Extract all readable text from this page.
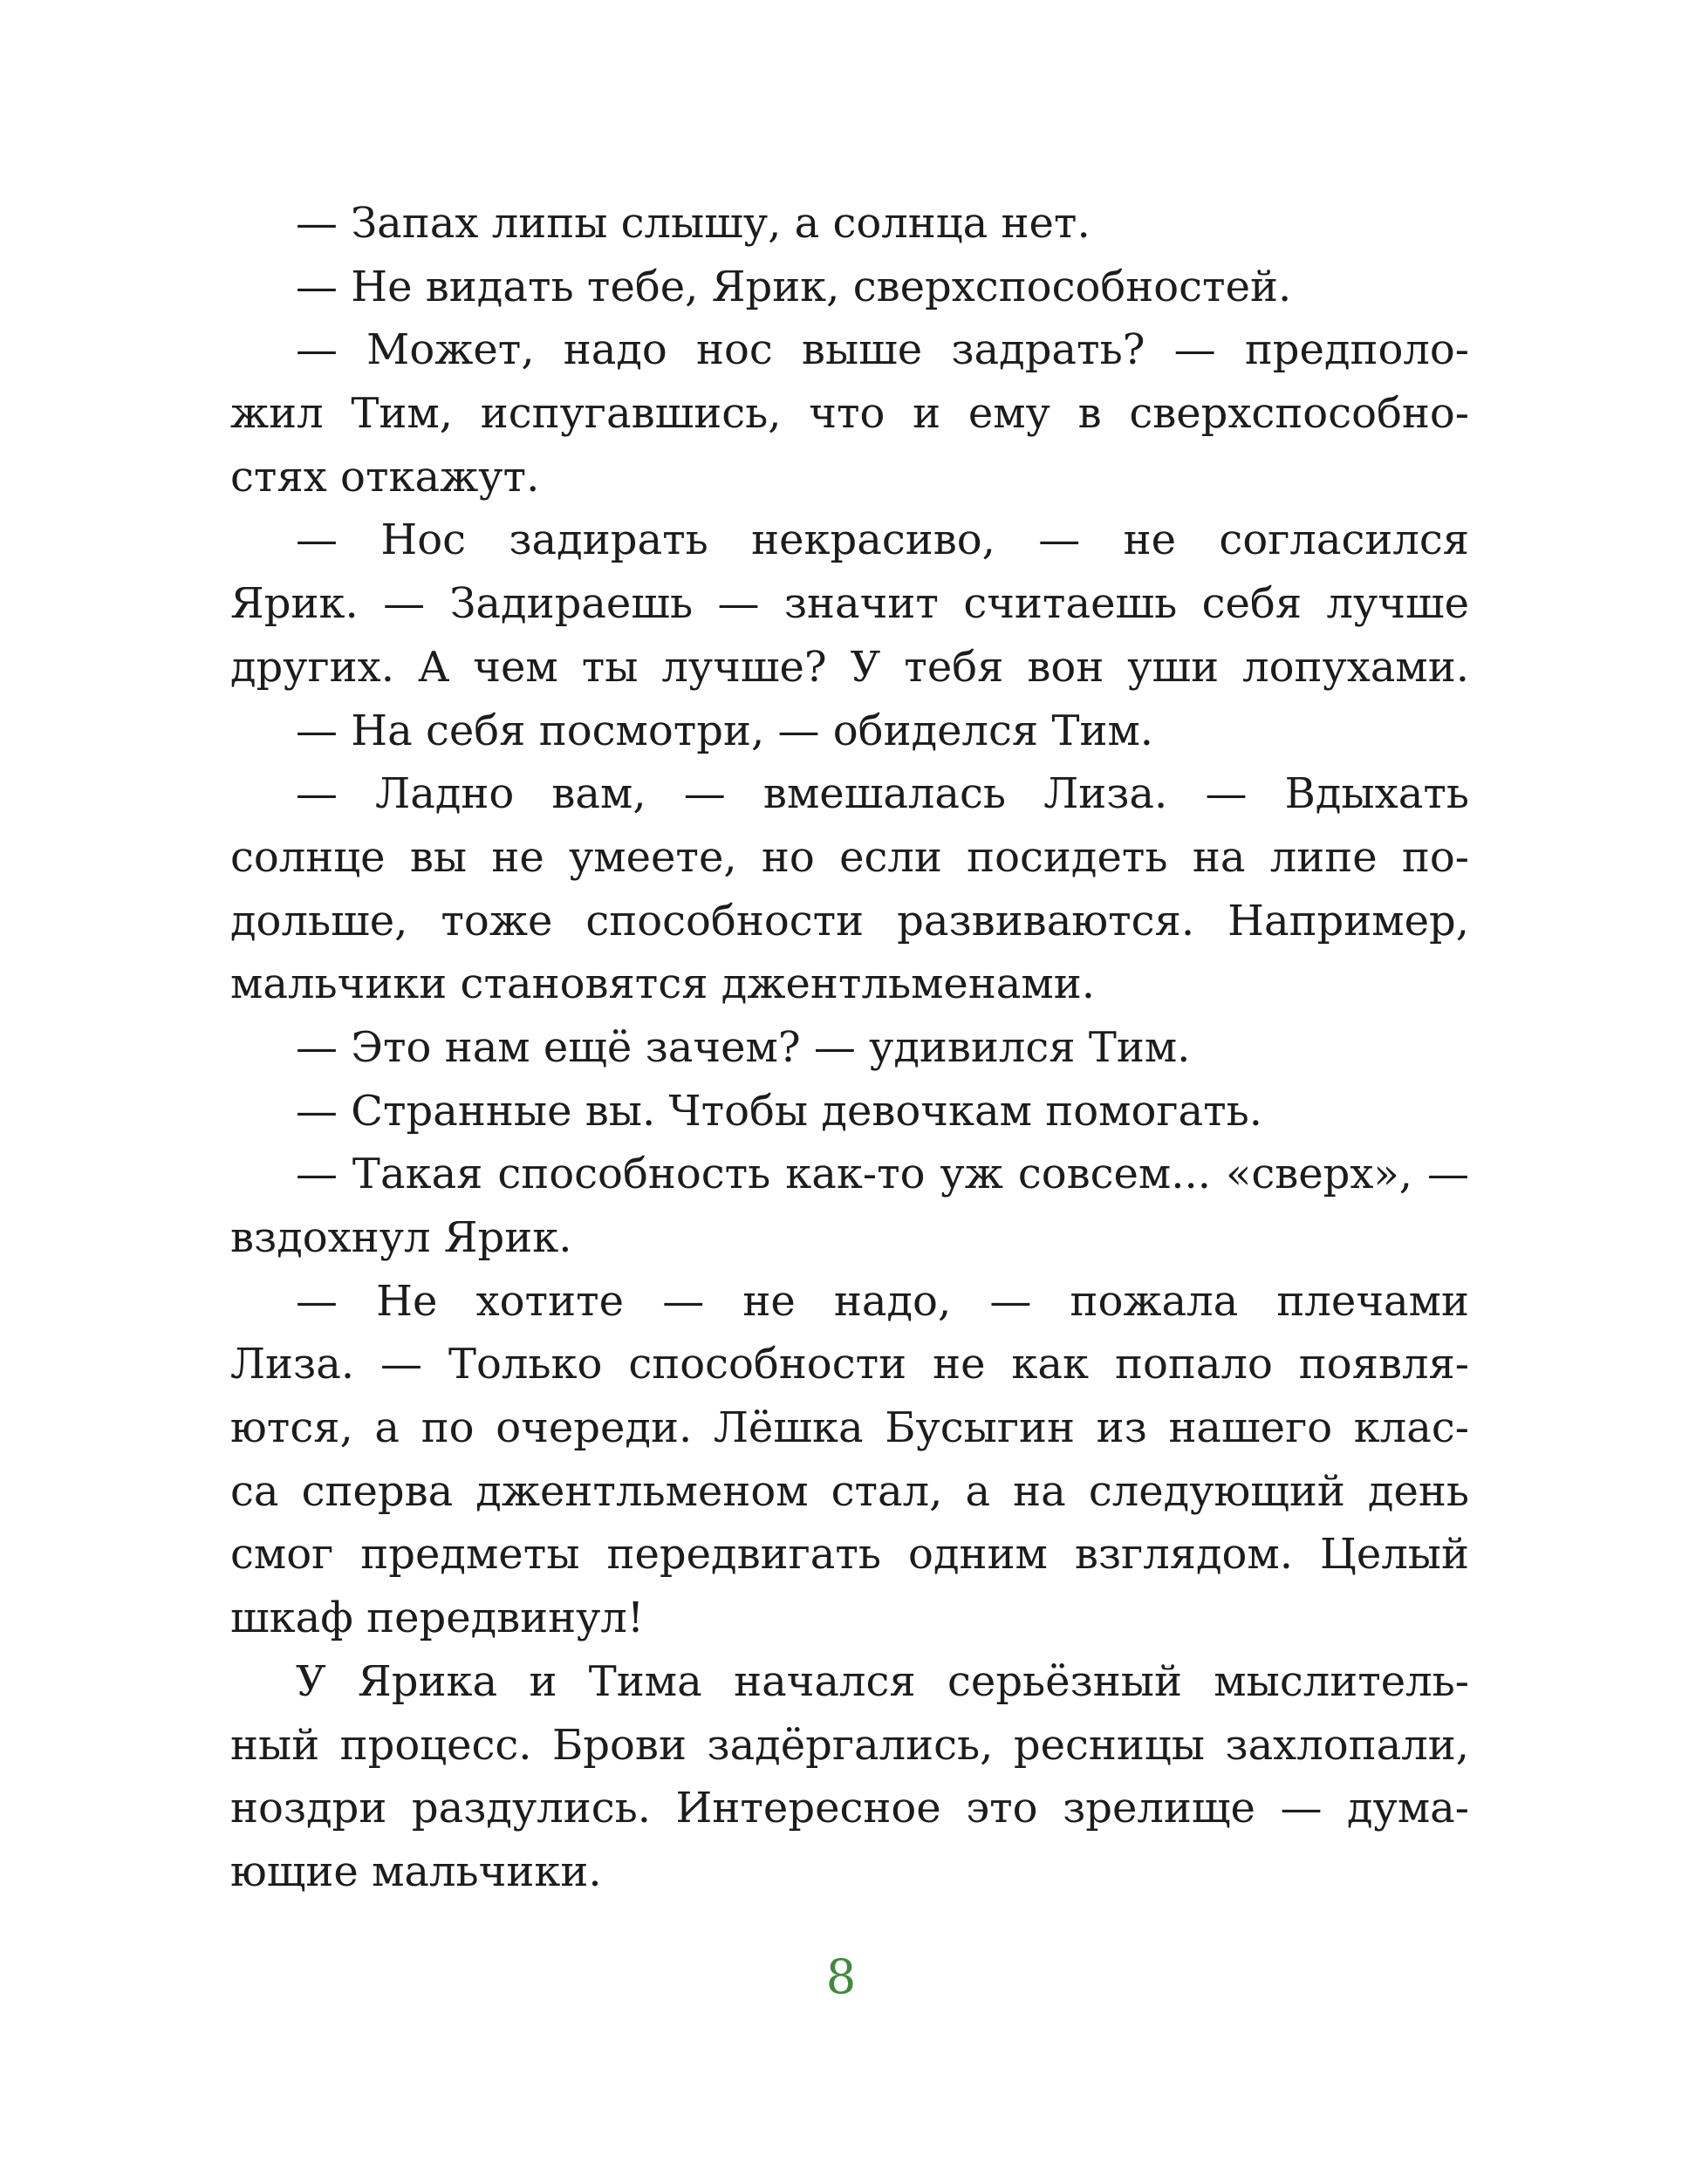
— Запах липы слышу, а солнца нет.
— Не видать тебе, Ярик, сверхспособностей.
— Может, надо нос выше задрать? — предполо-
жил Тим, испугавшись, что и ему в сверхспособно-
стях откажут.
— Нос задирать некрасиво, — не согласился
Ярик. — Задираешь — значит считаешь себя лучше
других. А чем ты лучше? У тебя вон уши лопухами.
— На себя посмотри, — обиделся Тим.
— Ладно вам, — вмешалась Лиза. — Вдыхать
солнце вы не умеете, но если посидеть на липе по-
дольше, тоже способности развиваются. Например,
мальчики становятся джентльменами.
— Это нам ещё зачем? — удивился Тим.
— Странные вы. Чтобы девочкам помогать.
— Такая способность как-то уж совсем... «сверх», —
вздохнул Ярик.
— Не хотите — не надо, — пожала плечами
Лиза. — Только способности не как попало появля-
ются, а по очереди. Лёшка Бусыгин из нашего клас-
са сперва джентльменом стал, а на следующий день
смог предметы передвигать одним взглядом. Целый
шкаф передвинул!
У Ярика и Тима начался серьёзный мыслитель-
ный процесс. Брови задёргались, ресницы захлопали,
ноздри раздулись. Интересное это зрелище — дума-
ющие мальчики.
8
